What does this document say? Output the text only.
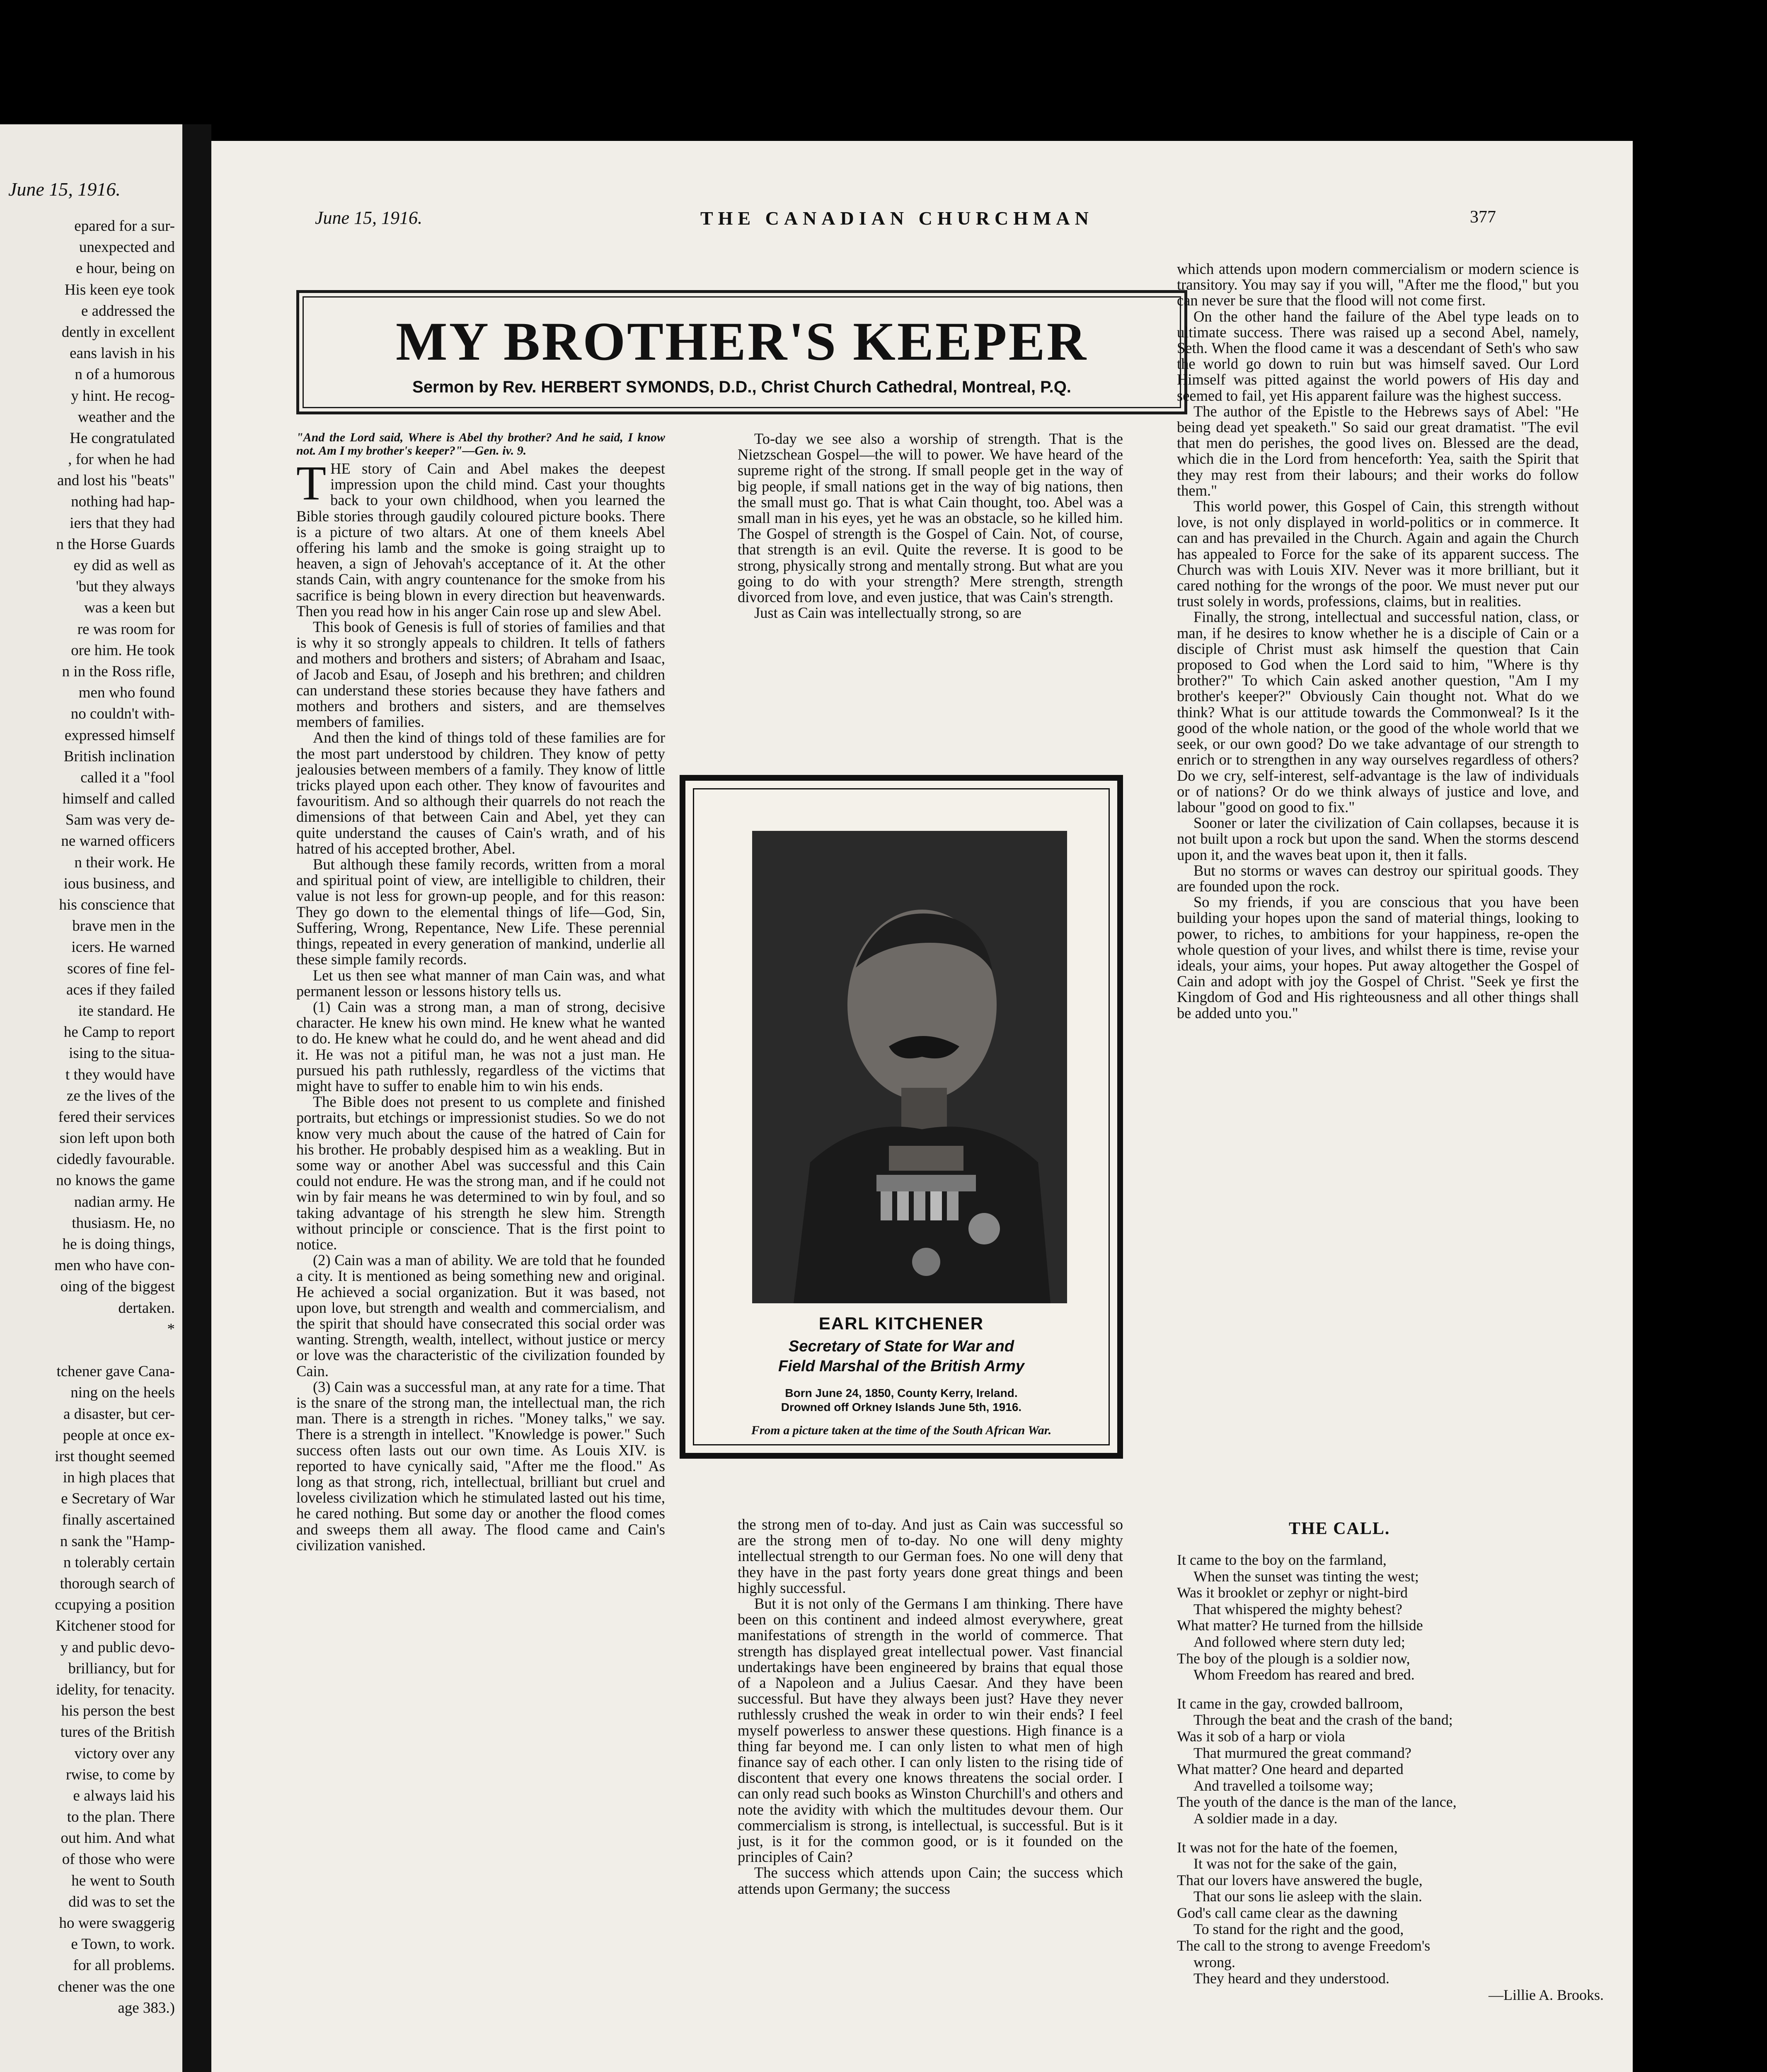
June 15, 1916.
epared for a sur-
unexpected and
e hour, being on
His keen eye took
e addressed the
dently in excellent
eans lavish in his
n of a humorous
y hint. He recog-
weather and the
He congratulated
, for when he had
and lost his "beats"
nothing had hap-
iers that they had
n the Horse Guards
ey did as well as
'but they always
was a keen but
re was room for
ore him. He took
n in the Ross rifle,
men who found
no couldn't with-
expressed himself
British inclination
called it a "fool
himself and called
Sam was very de-
ne warned officers
n their work. He
ious business, and
his conscience that
brave men in the
icers. He warned
scores of fine fel-
aces if they failed
ite standard. He
he Camp to report
ising to the situa-
t they would have
ze the lives of the
fered their services
sion left upon both
cidedly favourable.
no knows the game
nadian army. He
thusiasm. He, no
he is doing things,
men who have con-
oing of the biggest
dertaken.
*
tchener gave Cana-
ning on the heels
a disaster, but cer-
people at once ex-
irst thought seemed
in high places that
e Secretary of War
finally ascertained
n sank the "Hamp-
n tolerably certain
thorough search of
ccupying a position
Kitchener stood for
y and public devo-
brilliancy, but for
idelity, for tenacity.
his person the best
tures of the British
victory over any
rwise, to come by
e always laid his
to the plan. There
out him. And what
of those who were
he went to South
did was to set the
ho were swaggerig
e Town, to work.
for all problems.
chener was the one
age 383.)
June 15, 1916.	THE CANADIAN CHURCHMAN	377
MY BROTHER'S KEEPER
Sermon by Rev. HERBERT SYMONDS, D.D., Christ Church Cathedral, Montreal, P.Q.

"And the Lord said, Where is Abel thy brother? And he said, I know not. Am I my brother's keeper?"—Gen. iv. 9.

THE story of Cain and Abel makes the deepest impression upon the child mind. Cast your thoughts back to your own childhood, when you learned the Bible stories through gaudily coloured picture books. There is a picture of two altars. At one of them kneels Abel offering his lamb and the smoke is going straight up to heaven, a sign of Jehovah's acceptance of it. At the other stands Cain, with angry countenance for the smoke from his sacrifice is being blown in every direction but heavenwards. Then you read how in his anger Cain rose up and slew Abel.

This book of Genesis is full of stories of families and that is why it so strongly appeals to children. It tells of fathers and mothers and brothers and sisters; of Abraham and Isaac, of Jacob and Esau, of Joseph and his brethren; and children can understand these stories because they have fathers and mothers and brothers and sisters, and are themselves members of families.

And then the kind of things told of these families are for the most part understood by children. They know of petty jealousies between members of a family. They know of little tricks played upon each other. They know of favourites and favouritism. And so although their quarrels do not reach the dimensions of that between Cain and Abel, yet they can quite understand the causes of Cain's wrath, and of his hatred of his accepted brother, Abel.

But although these family records, written from a moral and spiritual point of view, are intelligible to children, their value is not less for grown-up people, and for this reason: They go down to the elemental things of life—God, Sin, Suffering, Wrong, Repentance, New Life. These perennial things, repeated in every generation of mankind, underlie all these simple family records.

Let us then see what manner of man Cain was, and what permanent lesson or lessons history tells us.

(1) Cain was a strong man, a man of strong, decisive character. He knew his own mind. He knew what he wanted to do. He knew what he could do, and he went ahead and did it. He was not a pitiful man, he was not a just man. He pursued his path ruthlessly, regardless of the victims that might have to suffer to enable him to win his ends.

The Bible does not present to us complete and finished portraits, but etchings or impressionist studies. So we do not know very much about the cause of the hatred of Cain for his brother. He probably despised him as a weakling. But in some way or another Abel was successful and this Cain could not endure. He was the strong man, and if he could not win by fair means he was determined to win by foul, and so taking advantage of his strength he slew him. Strength without principle or conscience. That is the first point to notice.

(2) Cain was a man of ability. We are told that he founded a city. It is mentioned as being something new and original. He achieved a social organization. But it was based, not upon love, but strength and wealth and commercialism, and the spirit that should have consecrated this social order was wanting. Strength, wealth, intellect, without justice or mercy or love was the characteristic of the civilization founded by Cain.

(3) Cain was a successful man, at any rate for a time. That is the snare of the strong man, the intellectual man, the rich man. There is a strength in riches. "Money talks," we say. There is a strength in intellect. "Knowledge is power." Such success often lasts out our own time. As Louis XIV. is reported to have cynically said, "After me the flood." As long as that strong, rich, intellectual, brilliant but cruel and loveless civilization which he stimulated lasted out his time, he cared nothing. But some day or another the flood comes and sweeps them all away. The flood came and Cain's civilization vanished.

To-day we see also a worship of strength. That is the Nietzschean Gospel—the will to power. We have heard of the supreme right of the strong. If small people get in the way of big people, if small nations get in the way of big nations, then the small must go. That is what Cain thought, too. Abel was a small man in his eyes, yet he was an obstacle, so he killed him. The Gospel of strength is the Gospel of Cain. Not, of course, that strength is an evil. Quite the reverse. It is good to be strong, physically strong and mentally strong. But what are you going to do with your strength? Mere strength, strength divorced from love, and even justice, that was Cain's strength.

Just as Cain was intellectually strong, so are

EARL KITCHENER
Secretary of State for War and
Field Marshal of the British Army
Born June 24, 1850, County Kerry, Ireland.
Drowned off Orkney Islands June 5th, 1916.
From a picture taken at the time of the South African War.

the strong men of to-day. And just as Cain was successful so are the strong men of to-day. No one will deny mighty intellectual strength to our German foes. No one will deny that they have in the past forty years done great things and been highly successful.

But it is not only of the Germans I am thinking. There have been on this continent and indeed almost everywhere, great manifestations of strength in the world of commerce. That strength has displayed great intellectual power. Vast financial undertakings have been engineered by brains that equal those of a Napoleon and a Julius Caesar. And they have been successful. But have they always been just? Have they never ruthlessly crushed the weak in order to win their ends? I feel myself powerless to answer these questions. High finance is a thing far beyond me. I can only listen to what men of high finance say of each other. I can only listen to the rising tide of discontent that every one knows threatens the social order. I can only read such books as Winston Churchill's and others and note the avidity with which the multitudes devour them. Our commercialism is strong, is intellectual, is successful. But is it just, is it for the common good, or is it founded on the principles of Cain?

The success which attends upon Cain; the success which attends upon Germany; the success

which attends upon modern commercialism or modern science is transitory. You may say if you will, "After me the flood," but you can never be sure that the flood will not come first.

On the other hand the failure of the Abel type leads on to ultimate success. There was raised up a second Abel, namely, Seth. When the flood came it was a descendant of Seth's who saw the world go down to ruin but was himself saved. Our Lord Himself was pitted against the world powers of His day and seemed to fail, yet His apparent failure was the highest success.

The author of the Epistle to the Hebrews says of Abel: "He being dead yet speaketh." So said our great dramatist. "The evil that men do perishes, the good lives on. Blessed are the dead, which die in the Lord from henceforth: Yea, saith the Spirit that they may rest from their labours; and their works do follow them."

This world power, this Gospel of Cain, this strength without love, is not only displayed in world-politics or in commerce. It can and has prevailed in the Church. Again and again the Church has appealed to Force for the sake of its apparent success. The Church was with Louis XIV. Never was it more brilliant, but it cared nothing for the wrongs of the poor. We must never put our trust solely in words, professions, claims, but in realities.

Finally, the strong, intellectual and successful nation, class, or man, if he desires to know whether he is a disciple of Cain or a disciple of Christ must ask himself the question that Cain proposed to God when the Lord said to him, "Where is thy brother?" To which Cain asked another question, "Am I my brother's keeper?" Obviously Cain thought not. What do we think? What is our attitude towards the Commonweal? Is it the good of the whole nation, or the good of the whole world that we seek, or our own good? Do we take advantage of our strength to enrich or to strengthen in any way ourselves regardless of others? Do we cry, self-interest, self-advantage is the law of individuals or of nations? Or do we think always of justice and love, and labour "good on good to fix."

Sooner or later the civilization of Cain collapses, because it is not built upon a rock but upon the sand. When the storms descend upon it, and the waves beat upon it, then it falls.

But no storms or waves can destroy our spiritual goods. They are founded upon the rock.

So my friends, if you are conscious that you have been building your hopes upon the sand of material things, looking to power, to riches, to ambitions for your happiness, re-open the whole question of your lives, and whilst there is time, revise your ideals, your aims, your hopes. Put away altogether the Gospel of Cain and adopt with joy the Gospel of Christ. "Seek ye first the Kingdom of God and His righteousness and all other things shall be added unto you."

THE CALL.
It came to the boy on the farmland,
When the sunset was tinting the west;
Was it brooklet or zephyr or night-bird
That whispered the mighty behest?
What matter? He turned from the hillside
And followed where stern duty led;
The boy of the plough is a soldier now,
Whom Freedom has reared and bred.
It came in the gay, crowded ballroom,
Through the beat and the crash of the band;
Was it sob of a harp or viola
That murmured the great command?
What matter? One heard and departed
And travelled a toilsome way;
The youth of the dance is the man of the lance,
A soldier made in a day.
It was not for the hate of the foemen,
It was not for the sake of the gain,
That our lovers have answered the bugle,
That our sons lie asleep with the slain.
God's call came clear as the dawning
To stand for the right and the good,
The call to the strong to avenge Freedom's
wrong.
They heard and they understood.
—Lillie A. Brooks.
